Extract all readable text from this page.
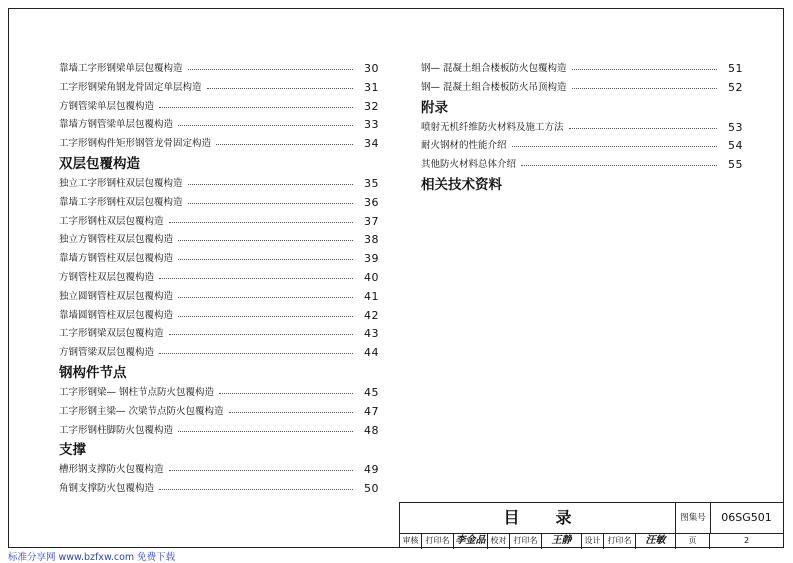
靠墙工字形钢梁单层包覆构造	30
工字形钢梁角钢龙骨固定单层构造	31
方钢管梁单层包覆构造	32
靠墙方钢管梁单层包覆构造	33
工字形钢构件矩形钢管龙骨固定构造	34
双层包覆构造
独立工字形钢柱双层包覆构造	35
靠墙工字形钢柱双层包覆构造	36
工字形钢柱双层包覆构造	37
独立方钢管柱双层包覆构造	38
靠墙方钢管柱双层包覆构造	39
方钢管柱双层包覆构造	40
独立圆钢管柱双层包覆构造	41
靠墙圆钢管柱双层包覆构造	42
工字形钢梁双层包覆构造	43
方钢管梁双层包覆构造	44
钢构件节点
工字形钢梁— 钢柱节点防火包覆构造	45
工字形钢主梁— 次梁节点防火包覆构造	47
工字形钢柱脚防火包覆构造	48
支撑
槽形钢支撑防火包覆构造	49
角钢支撑防火包覆构造	50
钢— 混凝土组合楼板防火包覆构造	51
钢— 混凝土组合楼板防火吊顶构造	52
附录
喷射无机纤维防火材料及施工方法	53
耐火钢材的性能介绍	54
其他防火材料总体介绍	55
相关技术资料
目录	图集号	06SG501
审核 打印名 李金品 校对 打印名	王静	设计 打印名	汪敏	页	2
标准分享网 www.bzfxw.com 免费下载
